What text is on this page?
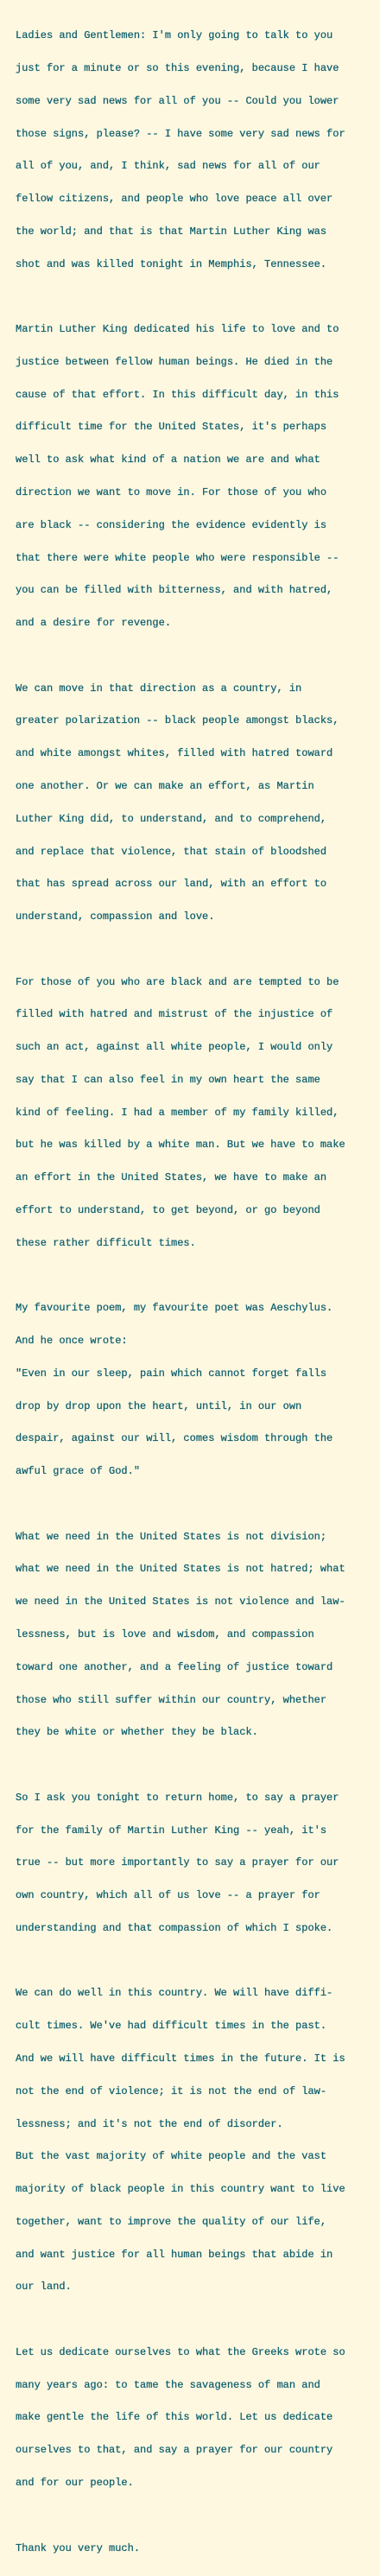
Ladies and Gentlemen: I'm only going to talk to you

just for a minute or so this evening, because I have

some very sad news for all of you -- Could you lower

those signs, please? -- I have some very sad news for

all of you, and, I think, sad news for all of our

fellow citizens, and people who love peace all over

the world; and that is that Martin Luther King was

shot and was killed tonight in Memphis, Tennessee.

Martin Luther King dedicated his life to love and to

justice between fellow human beings. He died in the

cause of that effort. In this difficult day, in this

difficult time for the United States, it's perhaps

well to ask what kind of a nation we are and what

direction we want to move in. For those of you who

are black -- considering the evidence evidently is

that there were white people who were responsible --

you can be filled with bitterness, and with hatred,

and a desire for revenge.

We can move in that direction as a country, in

greater polarization -- black people amongst blacks,

and white amongst whites, filled with hatred toward

one another. Or we can make an effort, as Martin

Luther King did, to understand, and to comprehend,

and replace that violence, that stain of bloodshed

that has spread across our land, with an effort to

understand, compassion and love.

For those of you who are black and are tempted to be

filled with hatred and mistrust of the injustice of

such an act, against all white people, I would only

say that I can also feel in my own heart the same

kind of feeling. I had a member of my family killed,

but he was killed by a white man. But we have to make

an effort in the United States, we have to make an

effort to understand, to get beyond, or go beyond

these rather difficult times.

My favourite poem, my favourite poet was Aeschylus.

And he once wrote:

"Even in our sleep, pain which cannot forget falls

drop by drop upon the heart, until, in our own

despair, against our will, comes wisdom through the

awful grace of God."

What we need in the United States is not division;

what we need in the United States is not hatred; what

we need in the United States is not violence and law-

lessness, but is love and wisdom, and compassion

toward one another, and a feeling of justice toward

those who still suffer within our country, whether

they be white or whether they be black.

So I ask you tonight to return home, to say a prayer

for the family of Martin Luther King -- yeah, it's

true -- but more importantly to say a prayer for our

own country, which all of us love -- a prayer for

understanding and that compassion of which I spoke.

We can do well in this country. We will have diffi-

cult times. We've had difficult times in the past.

And we will have difficult times in the future. It is

not the end of violence; it is not the end of law-

lessness; and it's not the end of disorder.

But the vast majority of white people and the vast

majority of black people in this country want to live

together, want to improve the quality of our life,

and want justice for all human beings that abide in

our land.

Let us dedicate ourselves to what the Greeks wrote so

many years ago: to tame the savageness of man and

make gentle the life of this world. Let us dedicate

ourselves to that, and say a prayer for our country

and for our people.

Thank you very much.
